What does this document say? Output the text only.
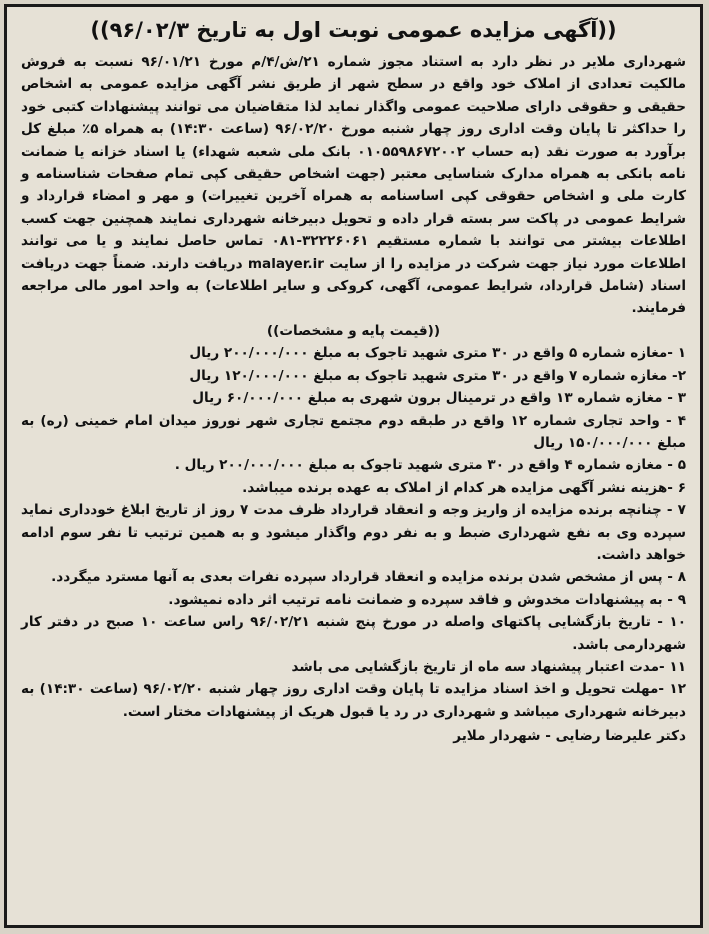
((آگهی مزایده عمومی نوبت اول به تاریخ ۹۶/۰۲/۳))

شهرداری ملایر در نظر دارد به استناد مجوز شماره ۲۱/ش/۴/م مورخ ۹۶/۰۱/۲۱ نسبت به فروش مالکیت تعدادی از املاک خود واقع در سطح شهر از طریق نشر آگهی مزایده عمومی به اشخاص حقیقی و حقوقی دارای صلاحیت عمومی واگذار نماید لذا متقاضیان می توانند پیشنهادات کتبی خود را حداکثر تا پایان وقت اداری روز چهار شنبه مورخ ۹۶/۰۲/۲۰ (ساعت ۱۴:۳۰) به همراه ۵٪ مبلغ کل برآورد به صورت نقد (به حساب ۰۱۰۵۵۹۸۶۷۲۰۰۲ بانک ملی شعبه شهداء) یا اسناد خزانه یا ضمانت نامه بانکی به همراه مدارک شناسایی معتبر (جهت اشخاص حقیقی کپی تمام صفحات شناسنامه و کارت ملی و اشخاص حقوقی کپی اساسنامه به همراه آخرین تغییرات) و مهر و امضاء قرارداد و شرایط عمومی در پاکت سر بسته قرار داده و تحویل دبیرخانه شهرداری نمایند همچنین جهت کسب اطلاعات بیشتر می توانند با شماره مستقیم ۳۲۲۲۶۰۶۱-۰۸۱ تماس حاصل نمایند و یا می توانند اطلاعات مورد نیاز جهت شرکت در مزایده را از سایت malayer.ir دریافت دارند. ضمناً جهت دریافت اسناد (شامل قرارداد، شرایط عمومی، آگهی، کروکی و سایر اطلاعات) به واحد امور مالی مراجعه فرمایند.

((قیمت پایه و مشخصات))

۱ -مغازه شماره ۵ واقع در ۳۰ متری شهید تاجوک به مبلغ ۲۰۰/۰۰۰/۰۰۰ ریال
۲- مغازه شماره ۷ واقع در ۳۰ متری شهید تاجوک به مبلغ ۱۲۰/۰۰۰/۰۰۰ ریال
۳ - مغازه شماره ۱۳ واقع در ترمینال برون شهری به مبلغ ۶۰/۰۰۰/۰۰۰ ریال
۴ - واحد تجاری شماره ۱۲ واقع در طبقه دوم مجتمع تجاری شهر نوروز میدان امام خمینی (ره) به مبلغ ۱۵۰/۰۰۰/۰۰۰ ریال
۵ - مغازه شماره ۴ واقع در ۳۰ متری شهید تاجوک به مبلغ ۲۰۰/۰۰۰/۰۰۰ ریال .
۶ -هزینه نشر آگهی مزایده هر کدام از املاک به عهده برنده میباشد.
۷ - چنانچه برنده مزایده از واریز وجه و انعقاد قرارداد ظرف مدت ۷ روز از تاریخ ابلاغ خودداری نماید سپرده وی به نفع شهرداری ضبط و به نفر دوم واگذار میشود و به همین ترتیب تا نفر سوم ادامه خواهد داشت.
۸ - پس از مشخص شدن برنده مزایده و انعقاد قرارداد سپرده نفرات بعدی به آنها مسترد میگردد.
۹ - به پیشنهادات مخدوش و فاقد سپرده و ضمانت نامه ترتیب اثر داده نمیشود.
۱۰ - تاریخ بازگشایی پاکتهای واصله در مورخ پنج شنبه ۹۶/۰۲/۲۱ راس ساعت ۱۰ صبح در دفتر کار شهردارمی باشد.
۱۱ -مدت اعتبار پیشنهاد سه ماه از تاریخ بازگشایی می باشد
۱۲ -مهلت تحویل و اخذ اسناد مزایده تا پایان وقت اداری روز چهار شنبه ۹۶/۰۲/۲۰ (ساعت ۱۴:۳۰) به دبیرخانه شهرداری میباشد و شهرداری در رد یا قبول هریک از پیشنهادات مختار است.

دکتر علیرضا رضایی - شهردار ملایر
